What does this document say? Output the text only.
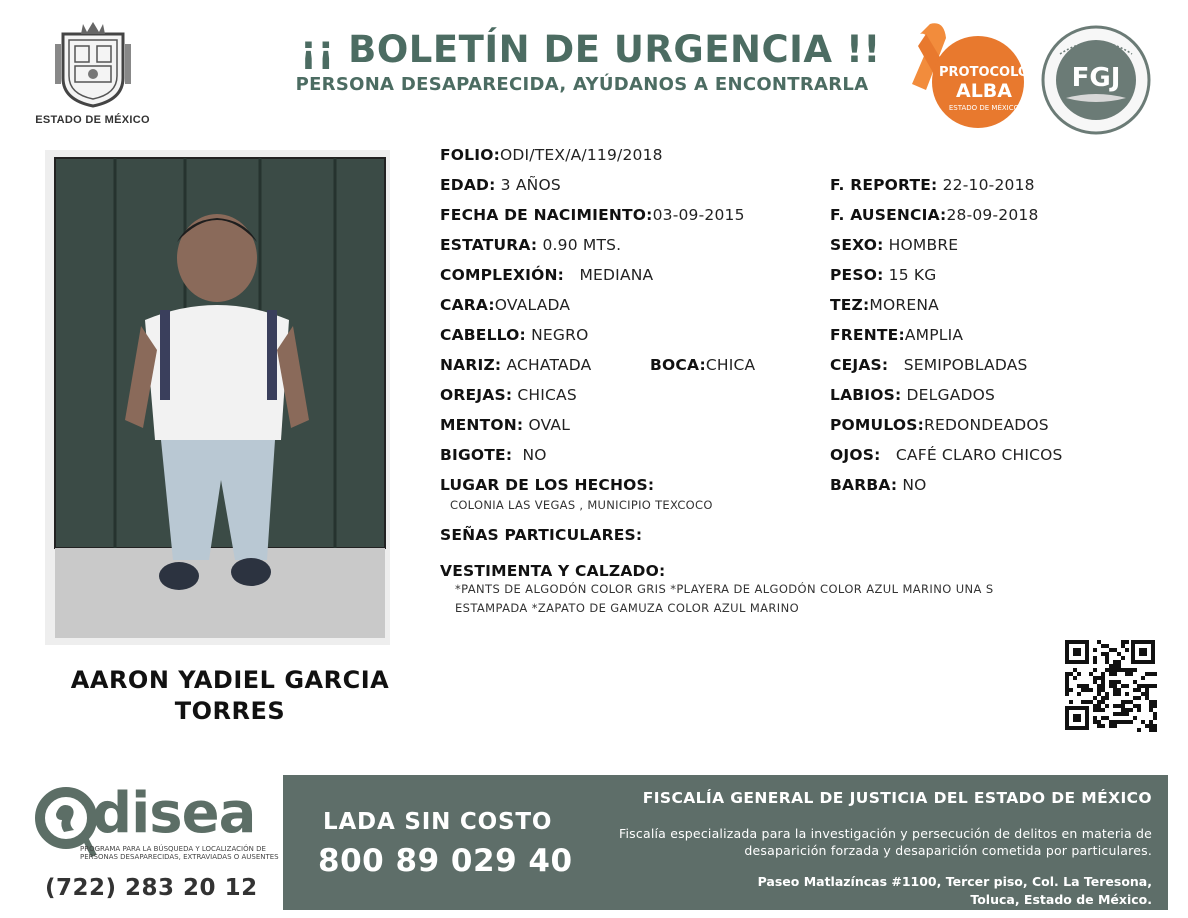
ESTADO DE MÉXICO
¡¡ BOLETÍN DE URGENCIA !!
PERSONA DESAPARECIDA, AYÚDANOS A ENCONTRARLA
PROTOCOLO
ALBA
ESTADO DE MÉXICO
FGJ
AARON YADIEL GARCIA
TORRES
FOLIO:ODI/TEX/A/119/2018
EDAD: 3 AÑOS
FECHA DE NACIMIENTO:03-09-2015
ESTATURA: 0.90 MTS.
COMPLEXIÓN: MEDIANA
CARA:OVALADA
CABELLO: NEGRO
NARIZ: ACHATADA	BOCA:CHICA
OREJAS: CHICAS
MENTON: OVAL
BIGOTE: NO
LUGAR DE LOS HECHOS:
COLONIA LAS VEGAS , MUNICIPIO TEXCOCO
SEÑAS PARTICULARES:
VESTIMENTA Y CALZADO:
*PANTS DE ALGODÓN COLOR GRIS *PLAYERA DE ALGODÓN COLOR AZUL MARINO UNA S ESTAMPADA *ZAPATO DE GAMUZA COLOR AZUL MARINO
F. REPORTE: 22-10-2018
F. AUSENCIA:28-09-2018
SEXO: HOMBRE
PESO: 15 KG
TEZ:MORENA
FRENTE:AMPLIA
CEJAS: SEMIPOBLADAS
LABIOS: DELGADOS
POMULOS:REDONDEADOS
OJOS: CAFÉ CLARO CHICOS
BARBA: NO
disea
PROGRAMA PARA LA BÚSQUEDA Y LOCALIZACIÓN DE PERSONAS DESAPARECIDAS, EXTRAVIADAS O AUSENTES
(722) 283 20 12
LADA SIN COSTO
800 89 029 40
FISCALÍA GENERAL DE JUSTICIA DEL ESTADO DE MÉXICO
Fiscalía especializada para la investigación y persecución de delitos en materia de desaparición forzada y desaparición cometida por particulares.
Paseo Matlazíncas #1100, Tercer piso, Col. La Teresona,
Toluca, Estado de México.
